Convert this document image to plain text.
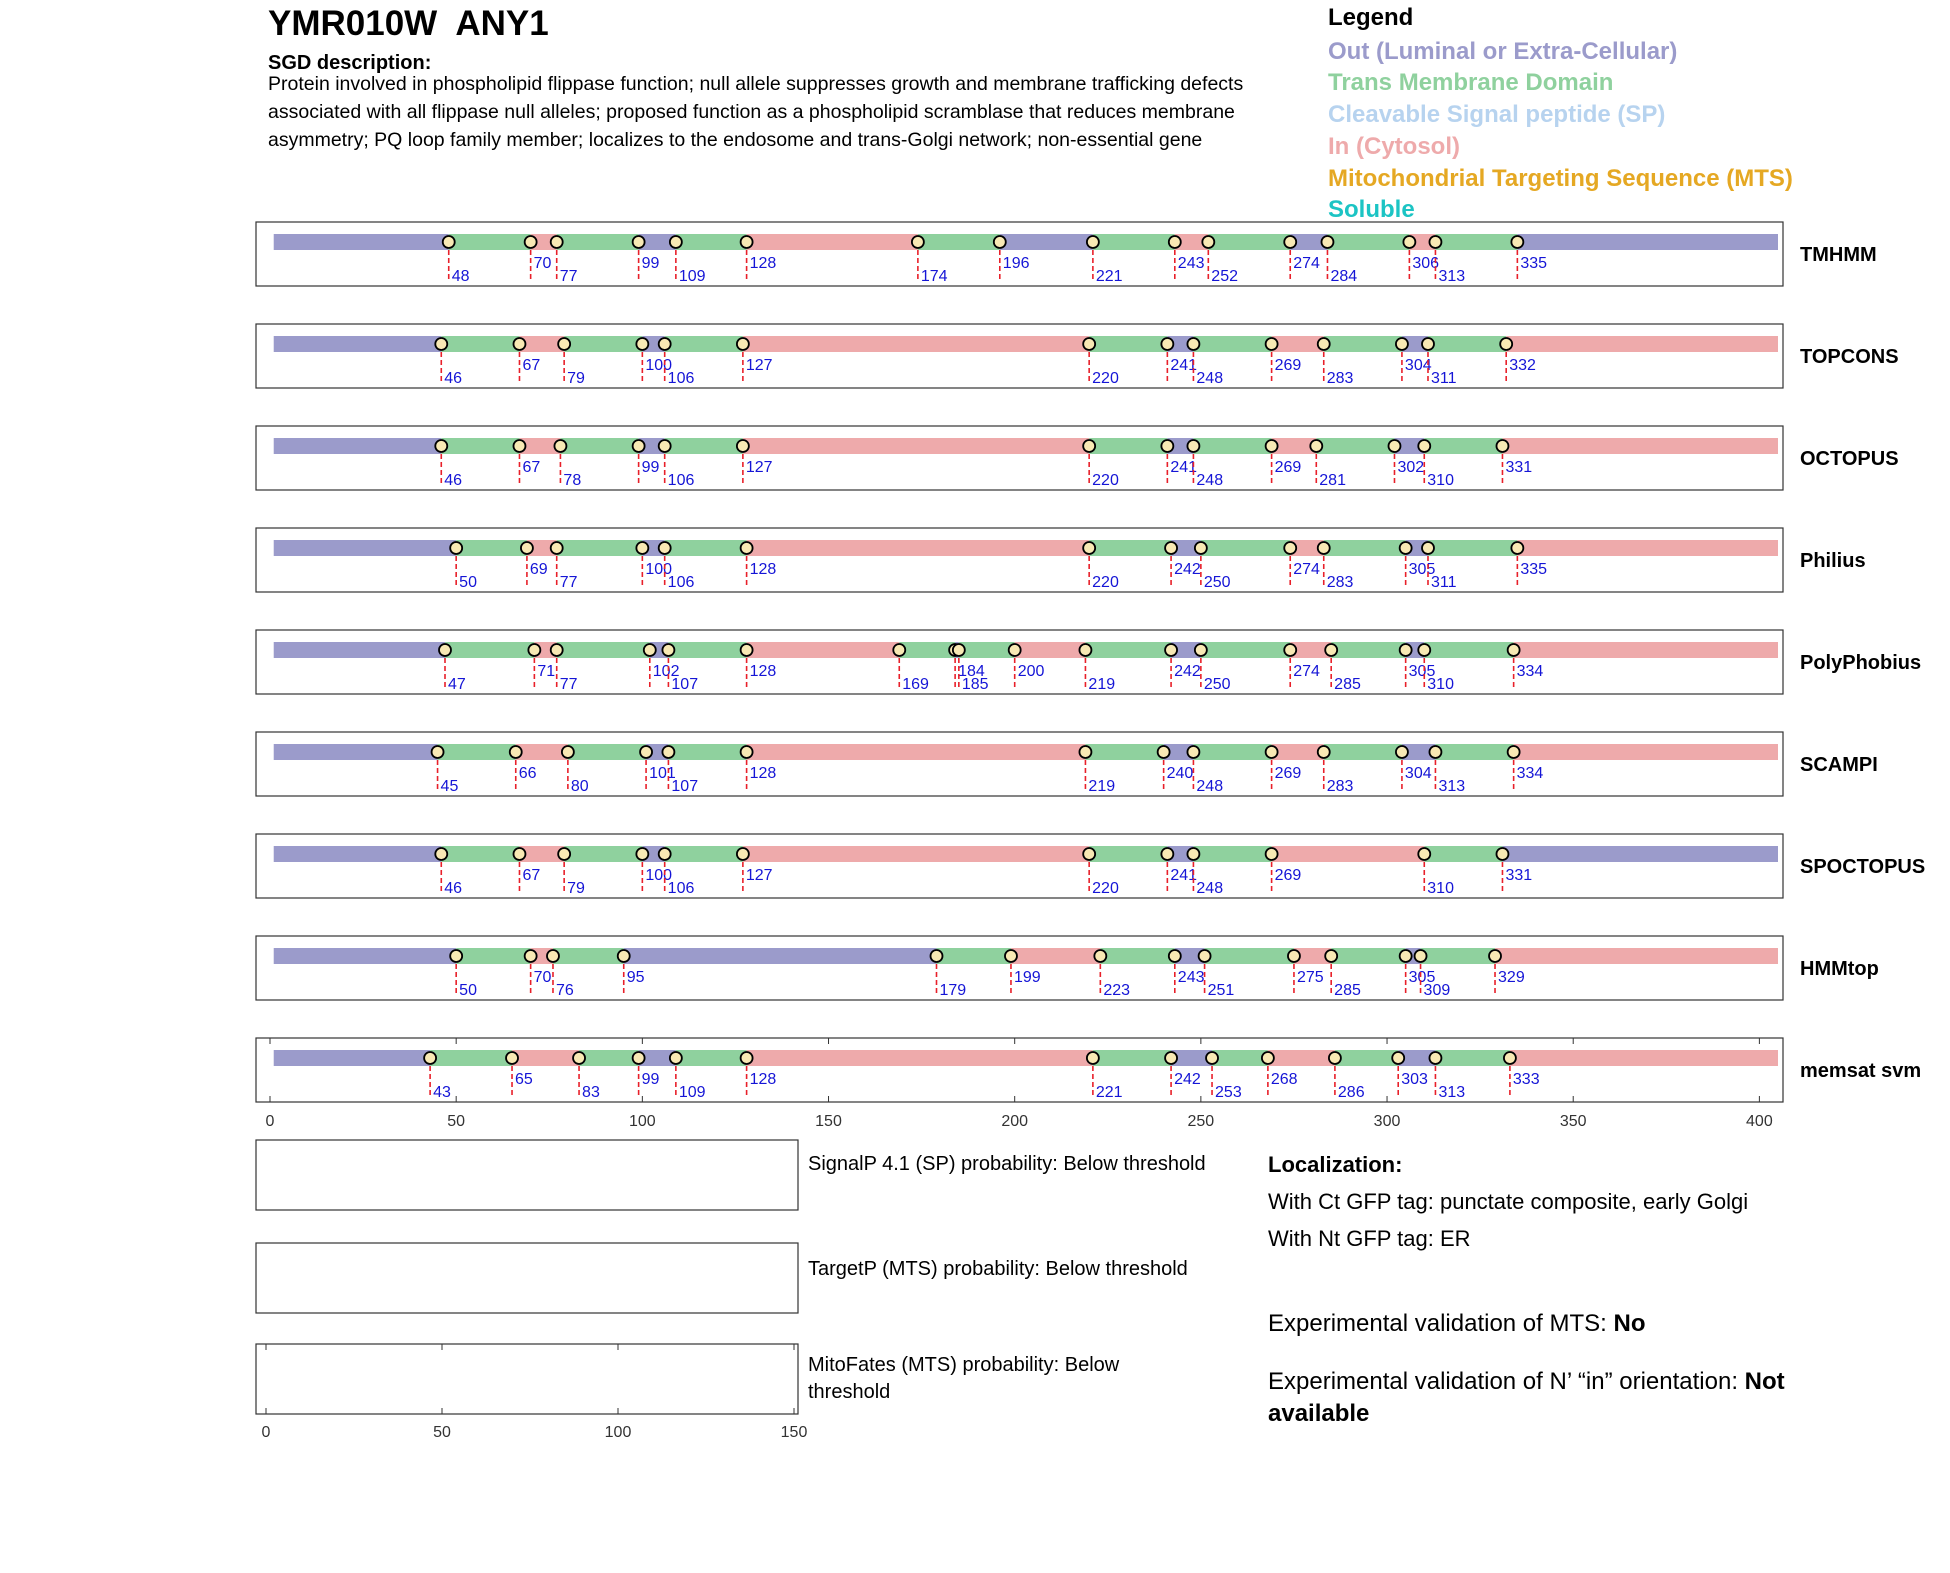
YMR010W  ANY1
SGD description:
Protein involved in phospholipid flippase function; null allele suppresses growth and membrane trafficking defects associated with all flippase null alleles; proposed function as a phospholipid scramblase that reduces membrane asymmetry; PQ loop family member; localizes to the endosome and trans-Golgi network; non-essential gene
Legend
Out (Luminal or Extra-Cellular)
Trans Membrane Domain
Cleavable Signal peptide (SP)
In (Cytosol)
Mitochondrial Targeting Sequence (MTS)
Soluble
48
70
77
99
109
128
174
196
221
243
252
274
284
306
313
335	TMHMM
46
67
79
100
106
127
220
241
248
269
283
304
311
332	TOPCONS
46
67
78
99
106
127
220
241
248
269
281
302
310
331	OCTOPUS
50
69
77
100
106
128
220
242
250
274
283
305
311
335	Philius
47
71
77
102
107
128
169
184
185
200
219
242
250
274
285
305
310
334	PolyPhobius
45
66
80
101
107
128
219
240
248
269
283
304
313
334	SCAMPI
46
67
79
100
106
127
220
241
248
269
310
331	SPOCTOPUS
50
70
76
95
179
199
223
243
251
275
285
305
309
329	HMMtop
43
65
83
99
109
128
221
242
253
268
286
303
313
333	memsat svm
0	50	100	150	200	250	300	350	400
0	50	100	150
SignalP 4.1 (SP) probability: Below threshold
TargetP (MTS) probability: Below threshold
MitoFates (MTS) probability: Below threshold
Localization:
With Ct GFP tag: punctate composite, early Golgi
With Nt GFP tag: ER
Experimental validation of MTS: No
Experimental validation of N’ “in” orientation: Not available
